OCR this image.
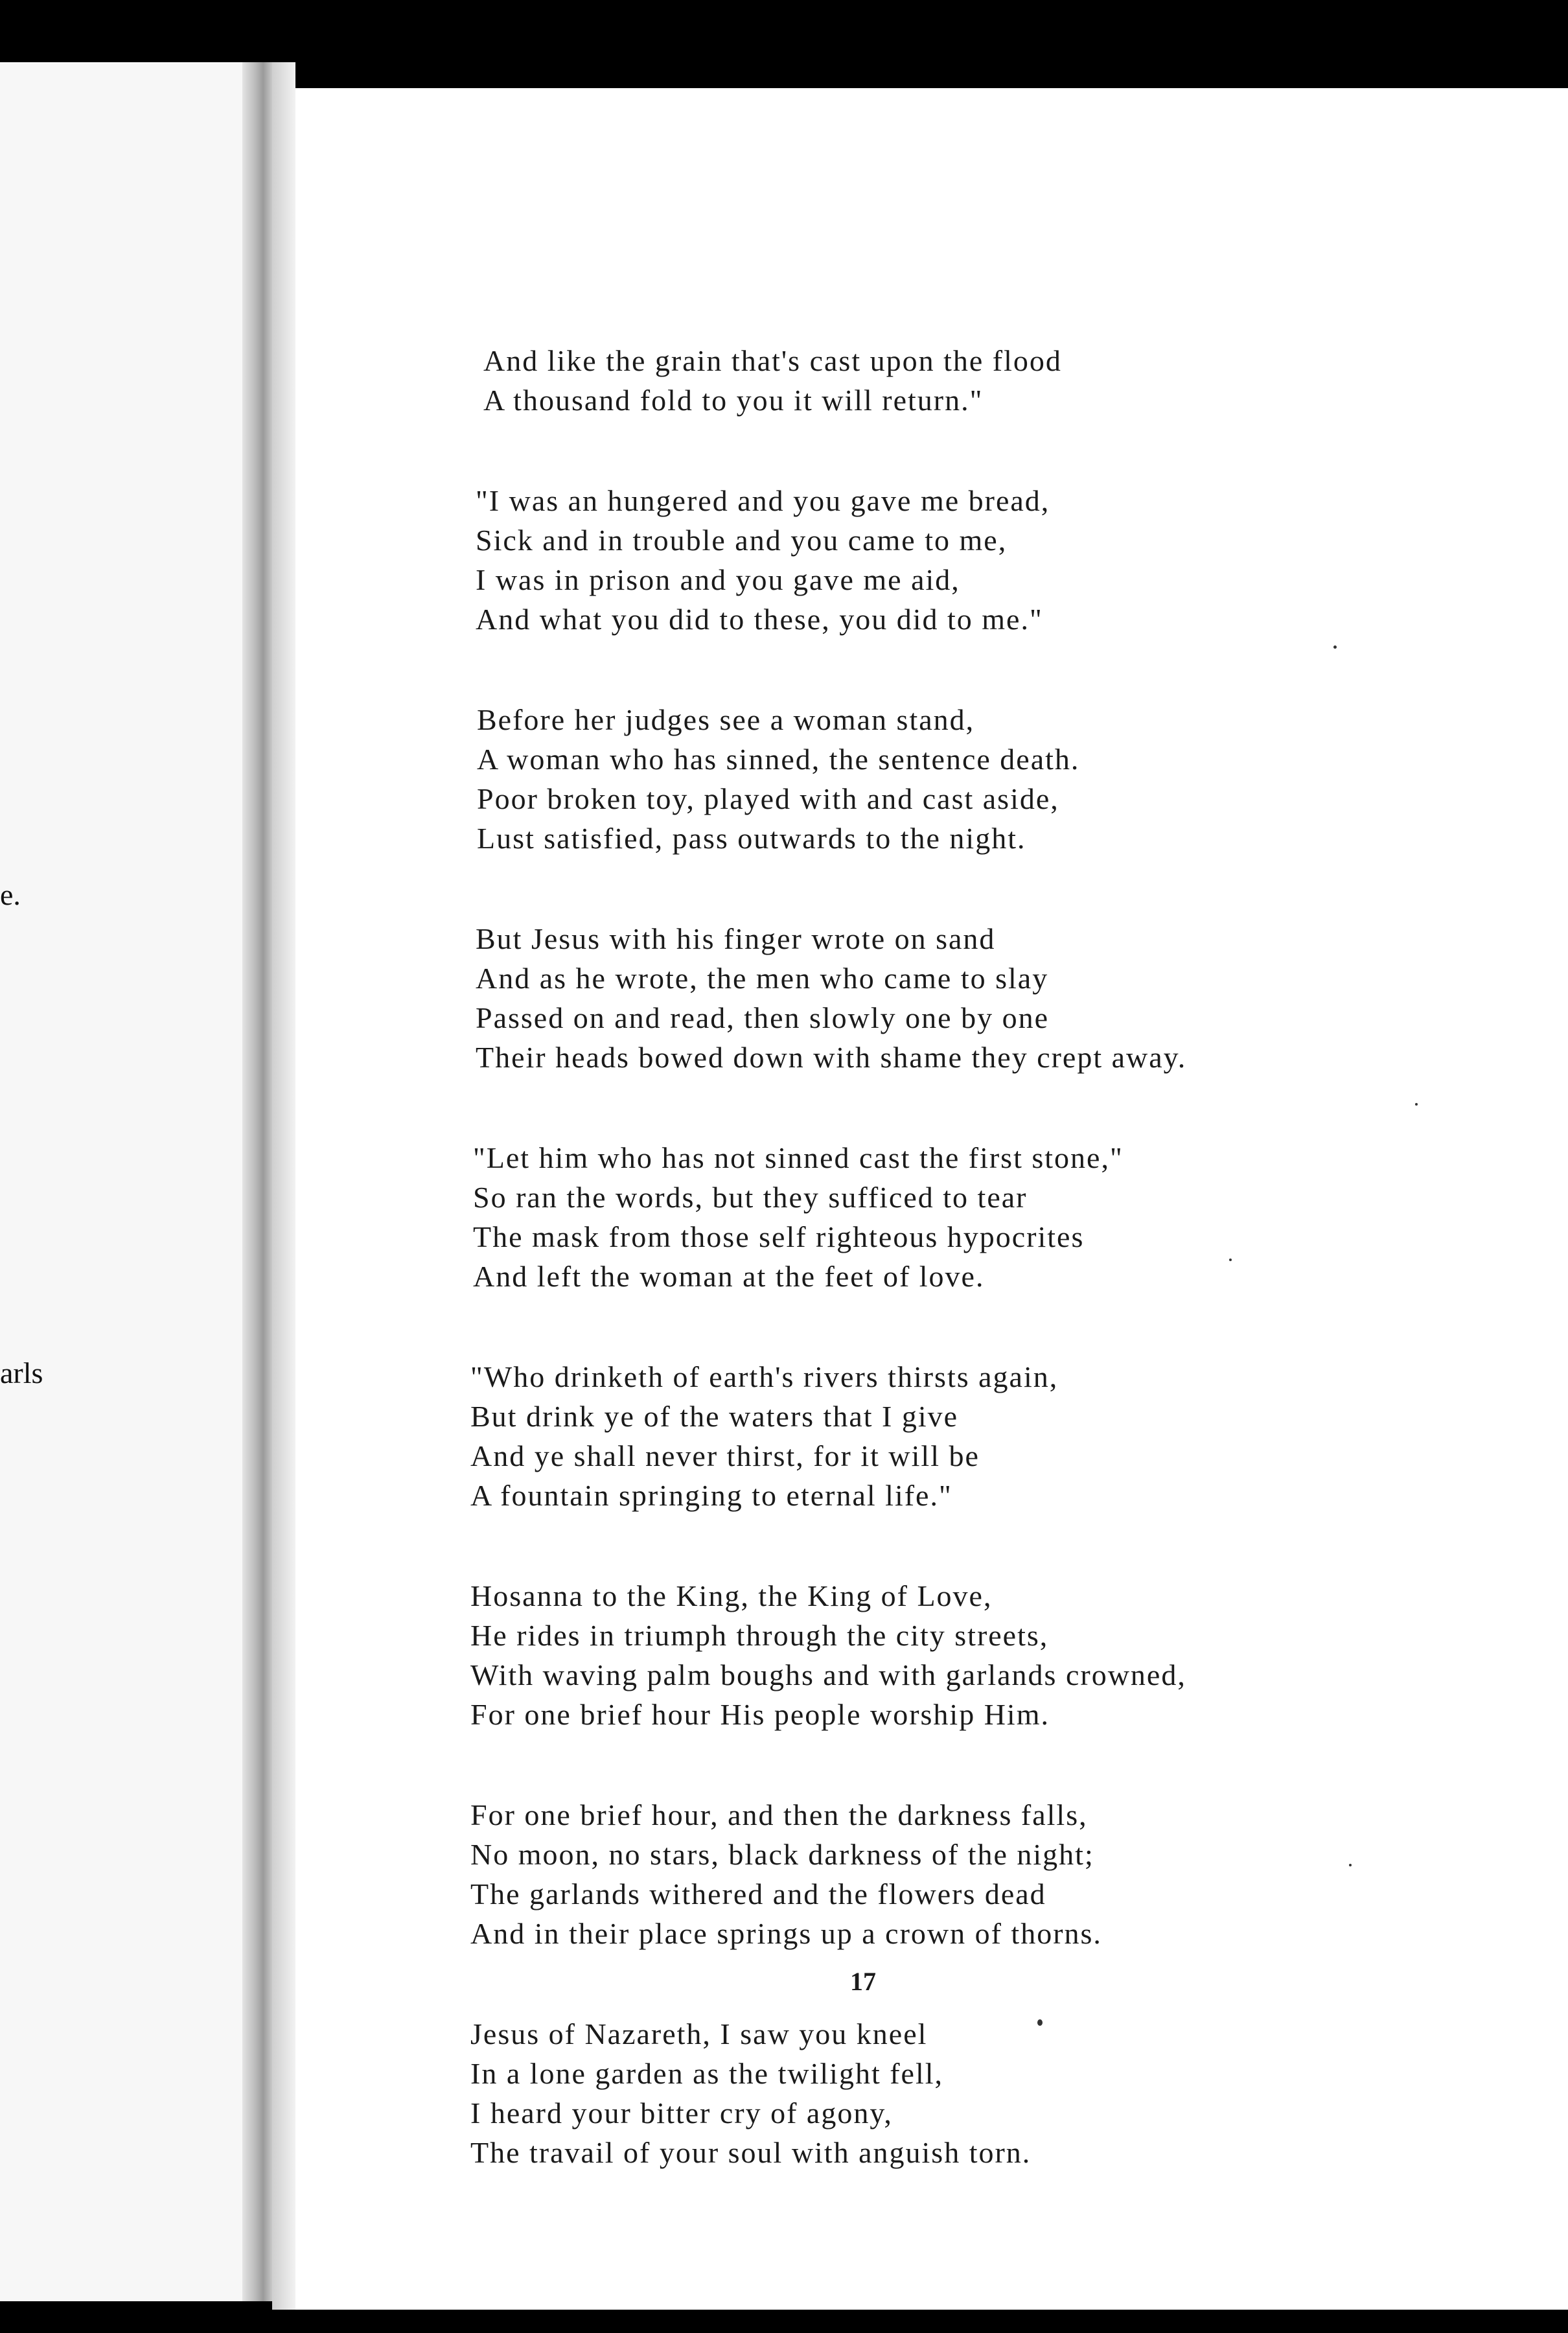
e.
arls
And like the grain that's cast upon the flood
A thousand fold to you it will return."
"I was an hungered and you gave me bread,
Sick and in trouble and you came to me,
I was in prison and you gave me aid,
And what you did to these, you did to me."
Before her judges see a woman stand,
A woman who has sinned, the sentence death.
Poor broken toy, played with and cast aside,
Lust satisfied, pass outwards to the night.
But Jesus with his finger wrote on sand
And as he wrote, the men who came to slay
Passed on and read, then slowly one by one
Their heads bowed down with shame they crept away.
"Let him who has not sinned cast the first stone,"
So ran the words, but they sufficed to tear
The mask from those self righteous hypocrites
And left the woman at the feet of love.
"Who drinketh of earth's rivers thirsts again,
But drink ye of the waters that I give
And ye shall never thirst, for it will be
A fountain springing to eternal life."
Hosanna to the King, the King of Love,
He rides in triumph through the city streets,
With waving palm boughs and with garlands crowned,
For one brief hour His people worship Him.
For one brief hour, and then the darkness falls,
No moon, no stars, black darkness of the night;
The garlands withered and the flowers dead
And in their place springs up a crown of thorns.
Jesus of Nazareth, I saw you kneel
In a lone garden as the twilight fell,
I heard your bitter cry of agony,
The travail of your soul with anguish torn.
17
